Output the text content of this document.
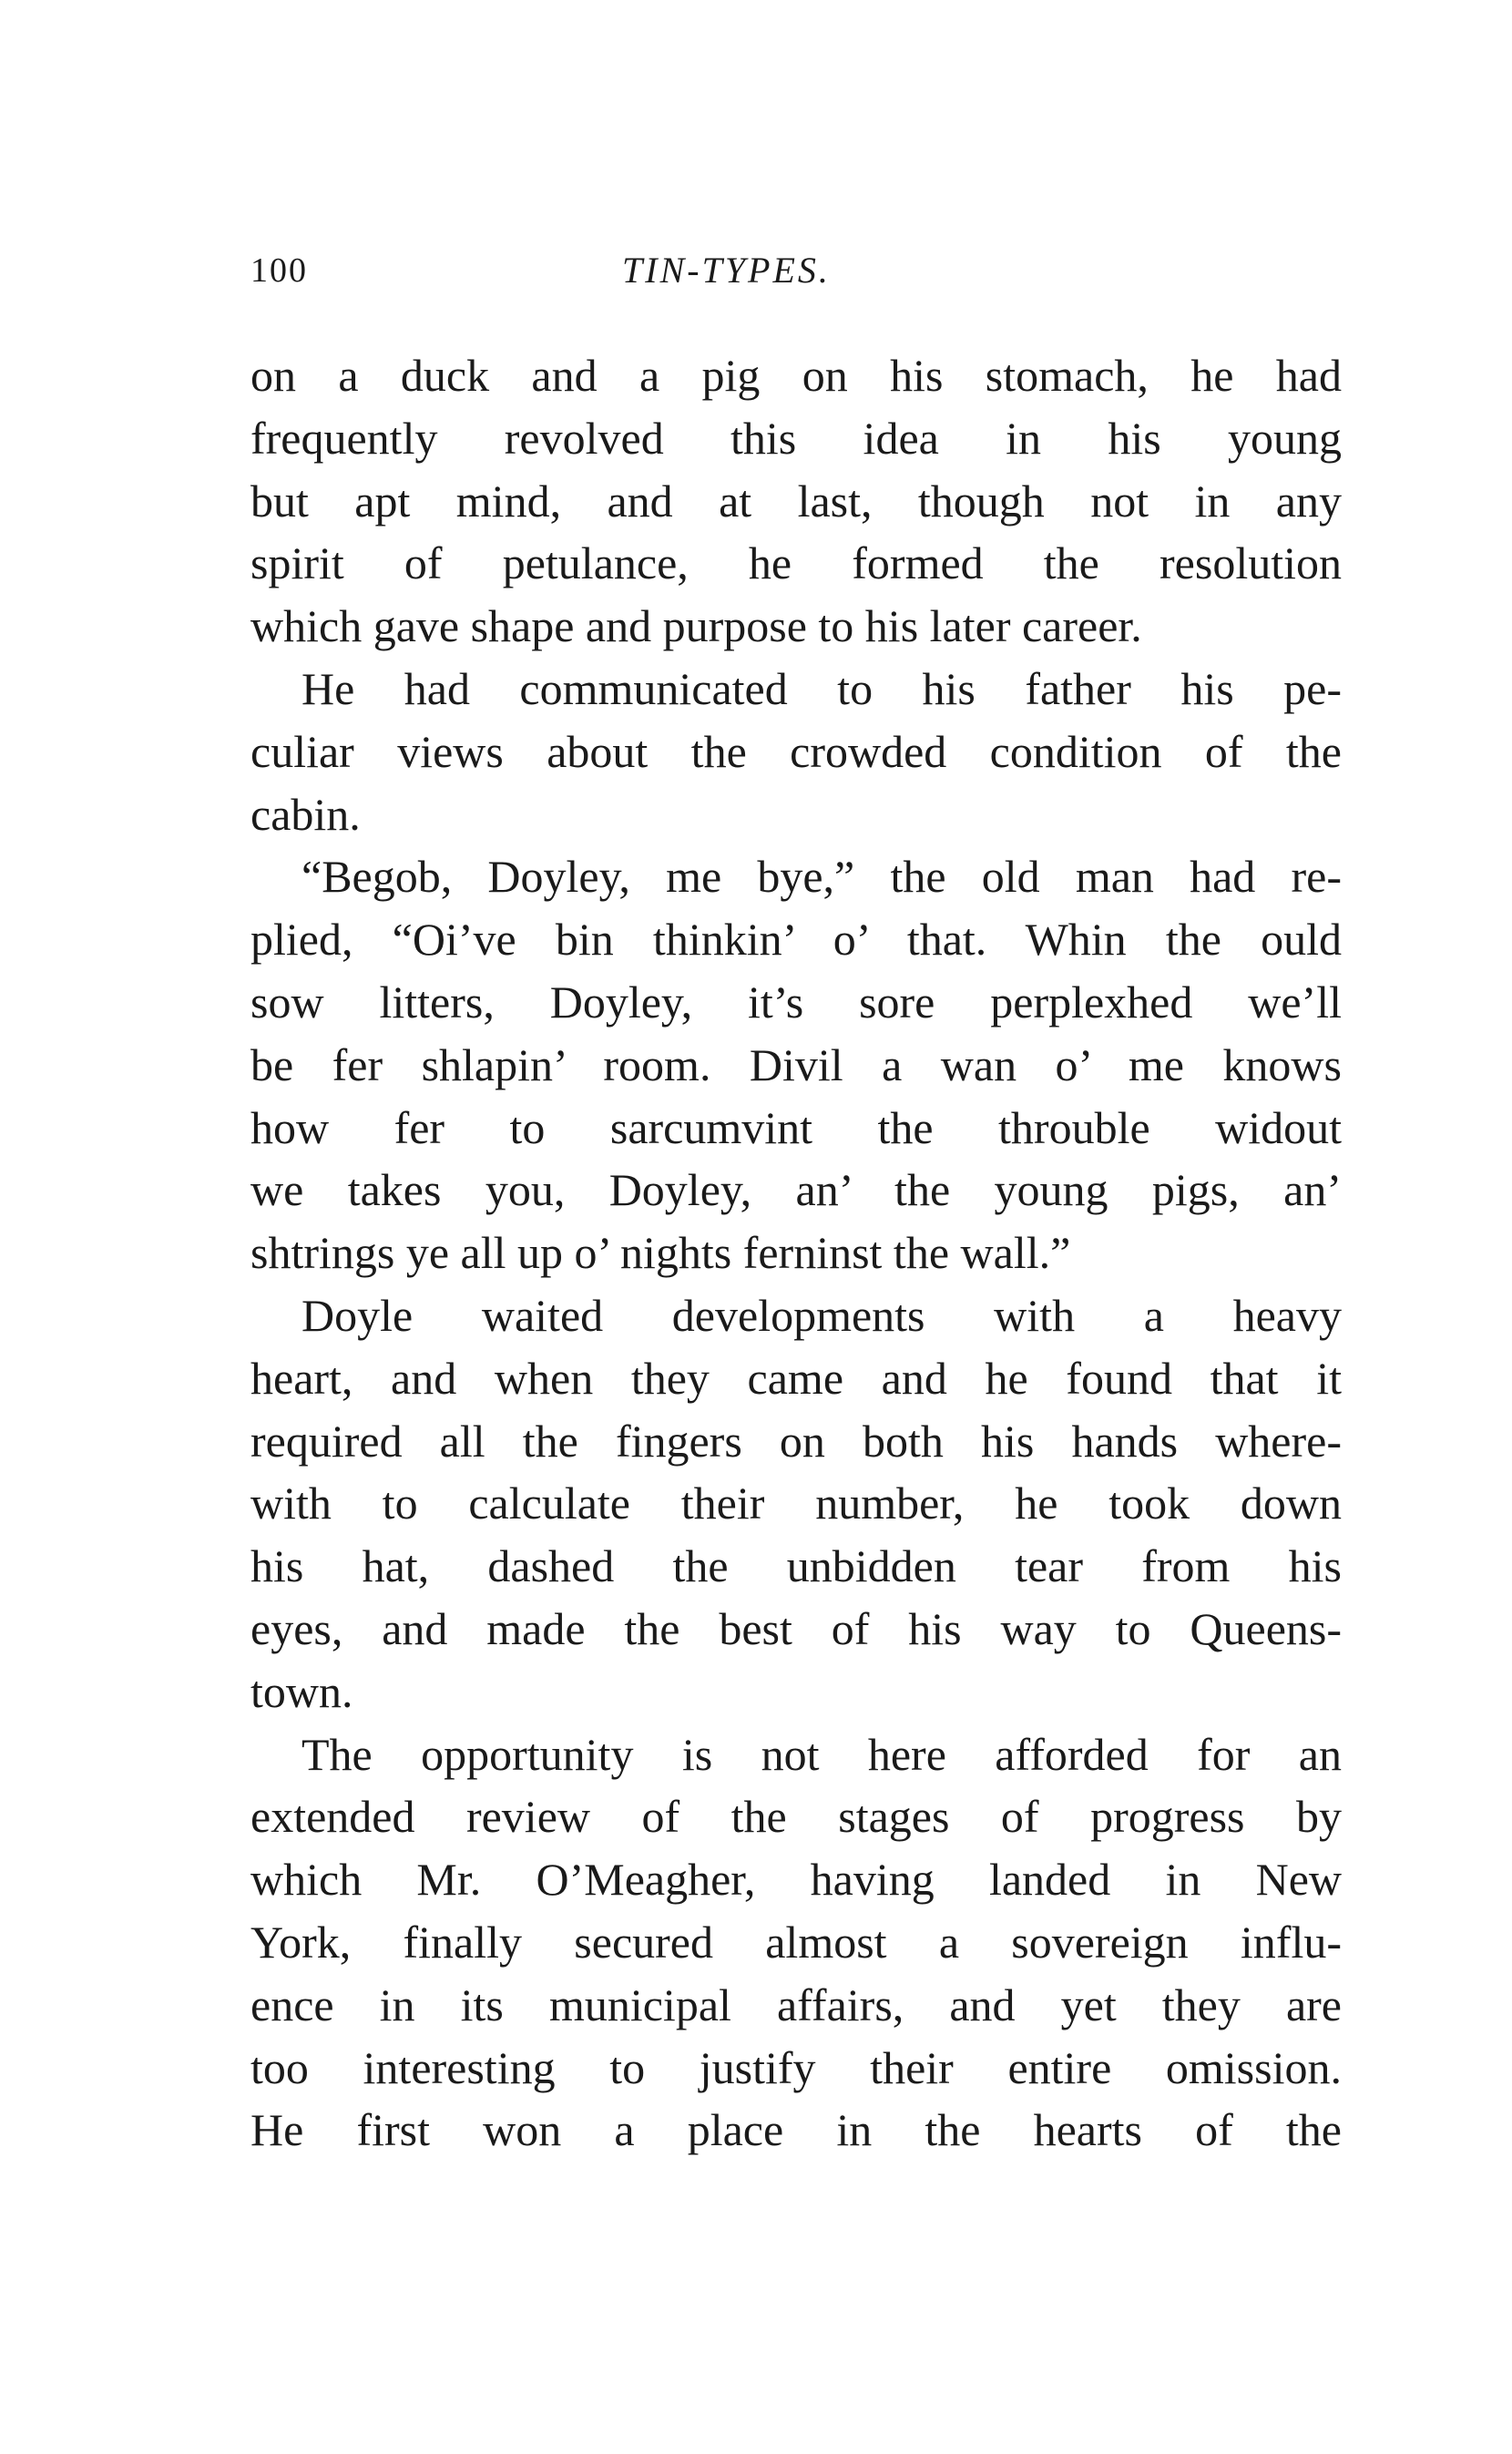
100	TIN-TYPES.
on a duck and a pig on his stomach, he had
frequently revolved this idea in his young
but apt mind, and at last, though not in any
spirit of petulance, he formed the resolution
which gave shape and purpose to his later career.
He had communicated to his father his pe-
culiar views about the crowded condition of the
cabin.
“Begob, Doyley, me bye,” the old man had re-
plied, “Oi’ve bin thinkin’ o’ that. Whin the ould
sow litters, Doyley, it’s sore perplexhed we’ll
be fer shlapin’ room. Divil a wan o’ me knows
how fer to sarcumvint the throuble widout
we takes you, Doyley, an’ the young pigs, an’
shtrings ye all up o’ nights ferninst the wall.”
Doyle waited developments with a heavy
heart, and when they came and he found that it
required all the fingers on both his hands where-
with to calculate their number, he took down
his hat, dashed the unbidden tear from his
eyes, and made the best of his way to Queens-
town.
The opportunity is not here afforded for an
extended review of the stages of progress by
which Mr. O’Meagher, having landed in New
York, finally secured almost a sovereign influ-
ence in its municipal affairs, and yet they are
too interesting to justify their entire omission.
He first won a place in the hearts of the
